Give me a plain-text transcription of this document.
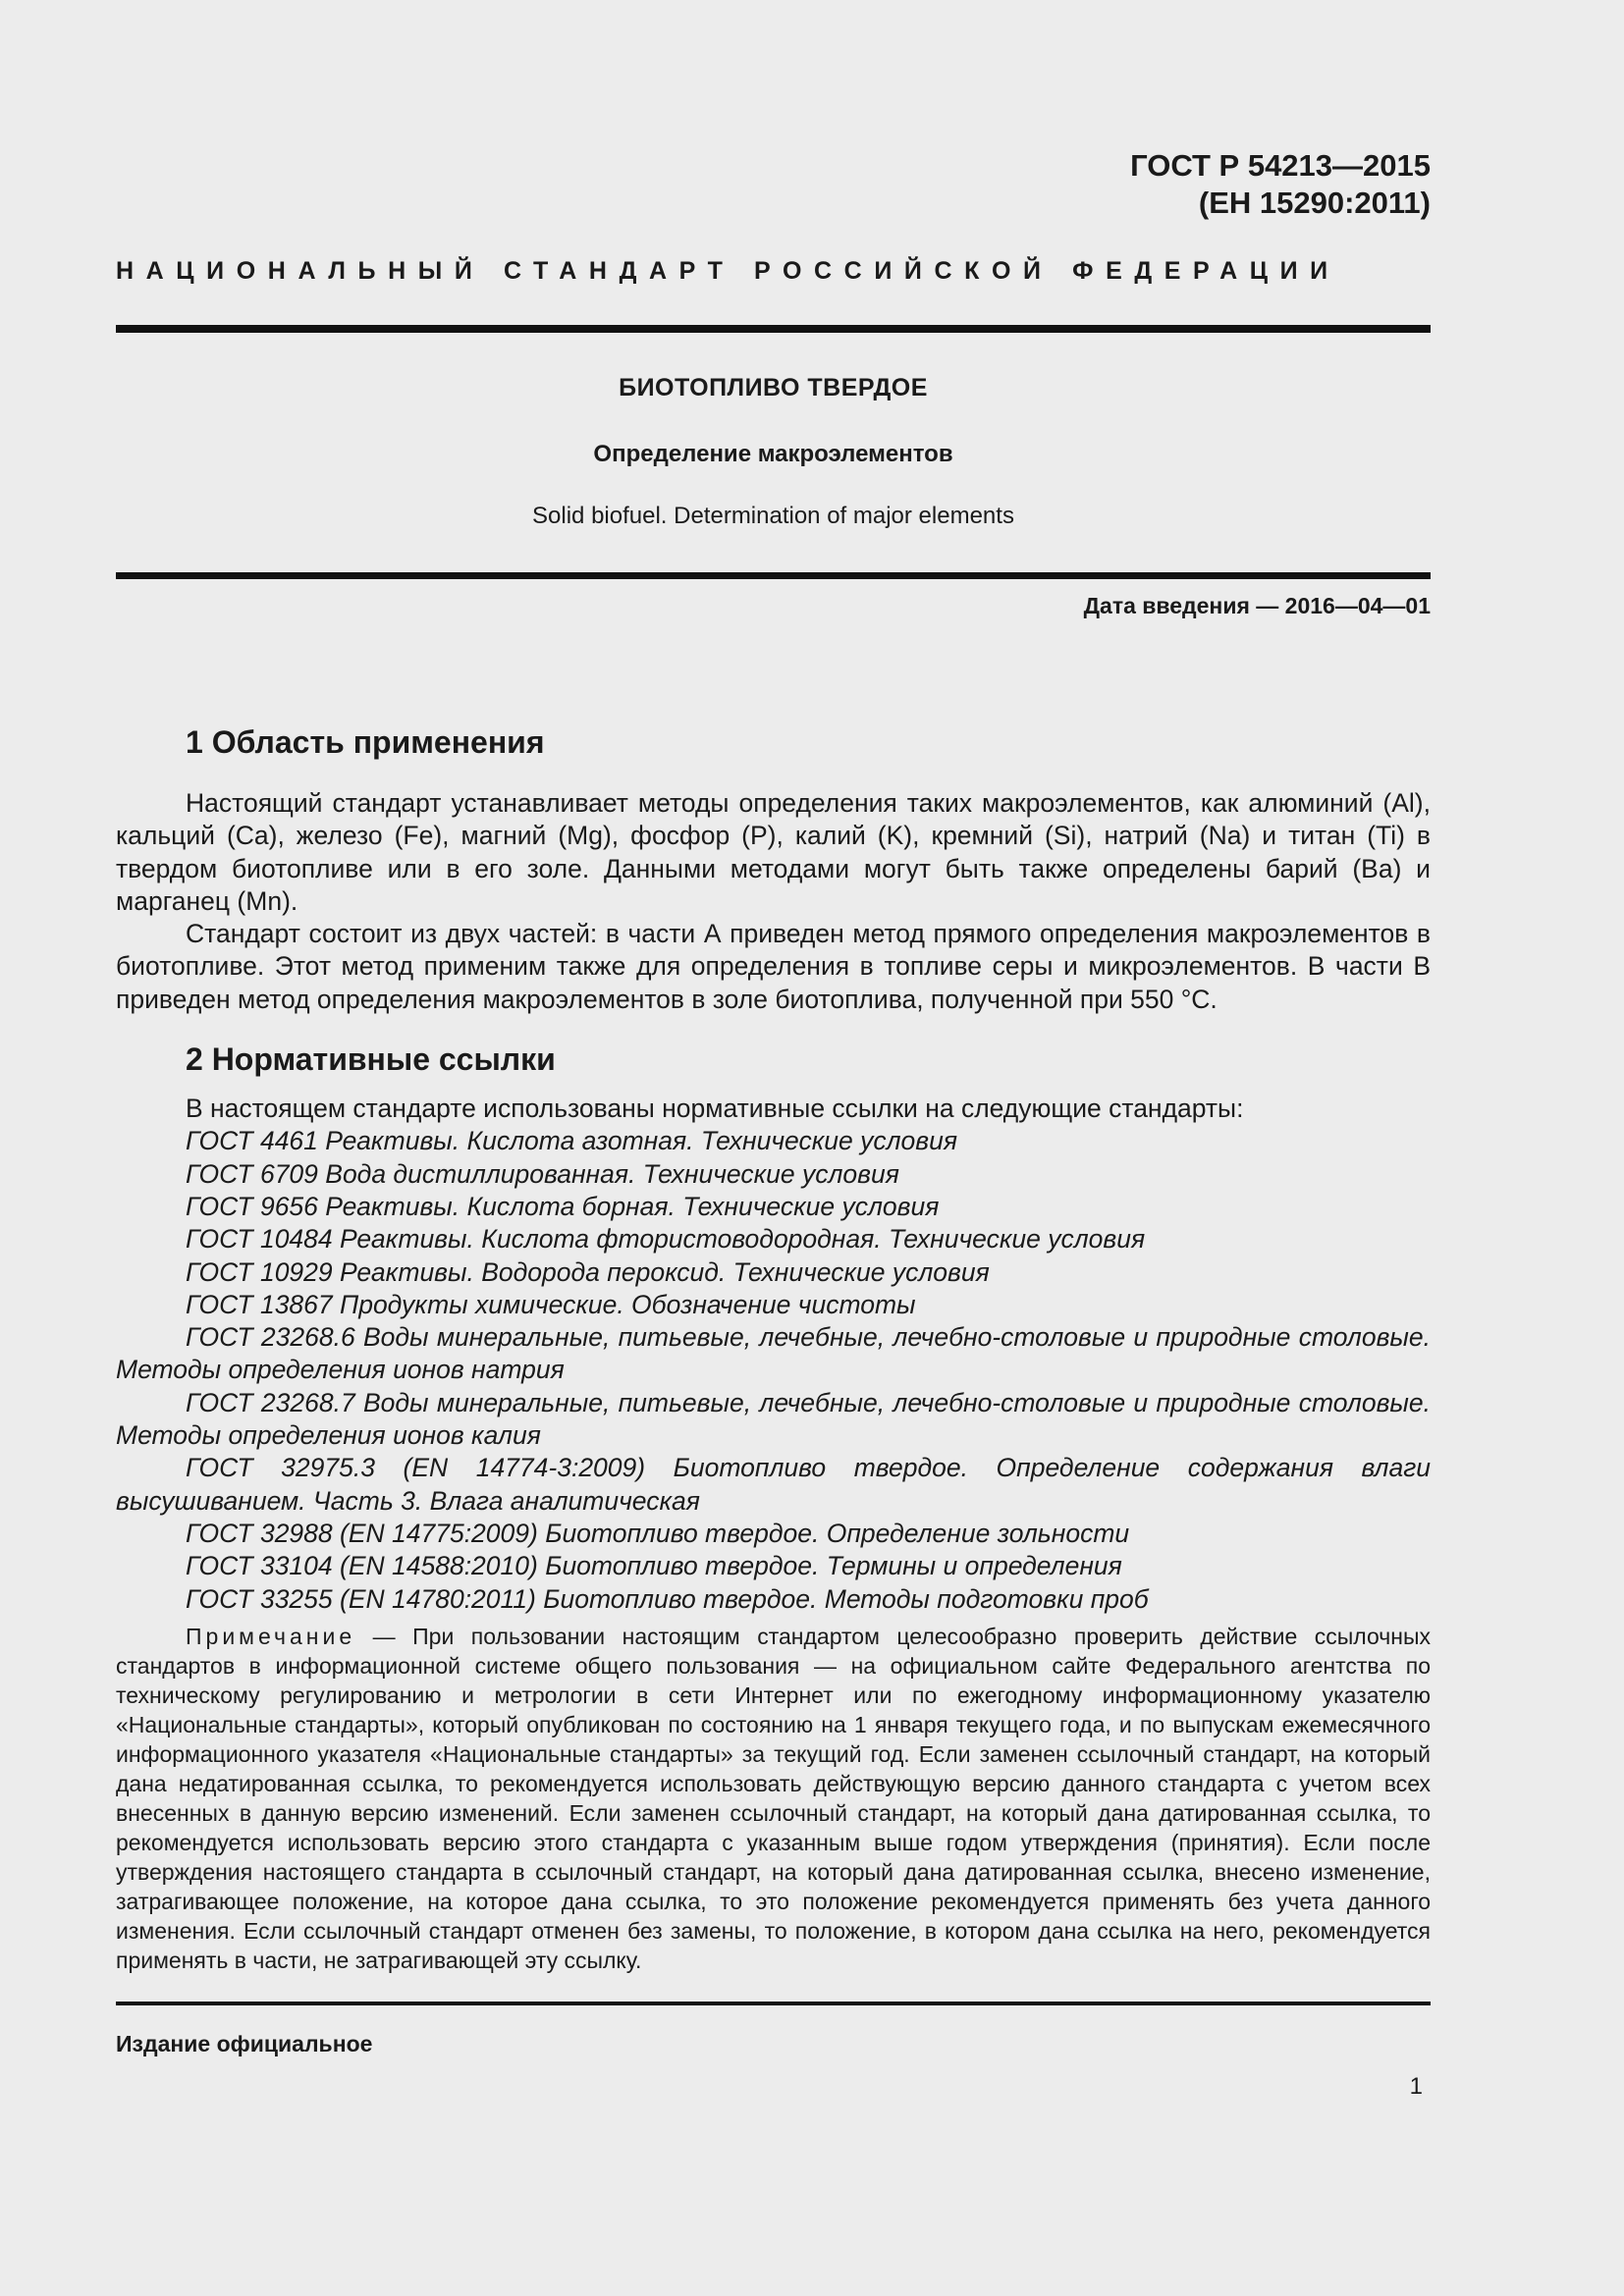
ГОСТ Р 54213—2015
(ЕН 15290:2011)
НАЦИОНАЛЬНЫЙ СТАНДАРТ РОССИЙСКОЙ ФЕДЕРАЦИИ
БИОТОПЛИВО ТВЕРДОЕ
Определение макроэлементов
Solid biofuel. Determination of major elements
Дата введения — 2016—04—01
1 Область применения

Настоящий стандарт устанавливает методы определения таких макроэлементов, как алюминий (Al), кальций (Ca), железо (Fe), магний (Mg), фосфор (P), калий (K), кремний (Si), натрий (Na) и титан (Ti) в твердом биотопливе или в его золе. Данными методами могут быть также определены барий (Ba) и марганец (Mn).

Стандарт состоит из двух частей: в части А приведен метод прямого определения макроэлементов в биотопливе. Этот метод применим также для определения в топливе серы и микроэлементов. В части В приведен метод определения макроэлементов в золе биотоплива, полученной при 550 °С.

2 Нормативные ссылки

В настоящем стандарте использованы нормативные ссылки на следующие стандарты:

ГОСТ 4461 Реактивы. Кислота азотная. Технические условия

ГОСТ 6709 Вода дистиллированная. Технические условия

ГОСТ 9656 Реактивы. Кислота борная. Технические условия

ГОСТ 10484 Реактивы. Кислота фтористоводородная. Технические условия

ГОСТ 10929 Реактивы. Водорода пероксид. Технические условия

ГОСТ 13867 Продукты химические. Обозначение чистоты

ГОСТ 23268.6 Воды минеральные, питьевые, лечебные, лечебно-столовые и природные столовые. Методы определения ионов натрия

ГОСТ 23268.7 Воды минеральные, питьевые, лечебные, лечебно-столовые и природные столовые. Методы определения ионов калия

ГОСТ 32975.3 (EN 14774-3:2009) Биотопливо твердое. Определение содержания влаги высушиванием. Часть 3. Влага аналитическая

ГОСТ 32988 (EN 14775:2009) Биотопливо твердое. Определение зольности

ГОСТ 33104 (EN 14588:2010) Биотопливо твердое. Термины и определения

ГОСТ 33255 (EN 14780:2011) Биотопливо твердое. Методы подготовки проб

Примечание — При пользовании настоящим стандартом целесообразно проверить действие ссылочных стандартов в информационной системе общего пользования — на официальном сайте Федерального агентства по техническому регулированию и метрологии в сети Интернет или по ежегодному информационному указателю «Национальные стандарты», который опубликован по состоянию на 1 января текущего года, и по выпускам ежемесячного информационного указателя «Национальные стандарты» за текущий год. Если заменен ссылочный стандарт, на который дана недатированная ссылка, то рекомендуется использовать действующую версию данного стандарта с учетом всех внесенных в данную версию изменений. Если заменен ссылочный стандарт, на который дана датированная ссылка, то рекомендуется использовать версию этого стандарта с указанным выше годом утверждения (принятия). Если после утверждения настоящего стандарта в ссылочный стандарт, на который дана датированная ссылка, внесено изменение, затрагивающее положение, на которое дана ссылка, то это положение рекомендуется применять без учета данного изменения. Если ссылочный стандарт отменен без замены, то положение, в котором дана ссылка на него, рекомендуется применять в части, не затрагивающей эту ссылку.

Издание официальное
1
